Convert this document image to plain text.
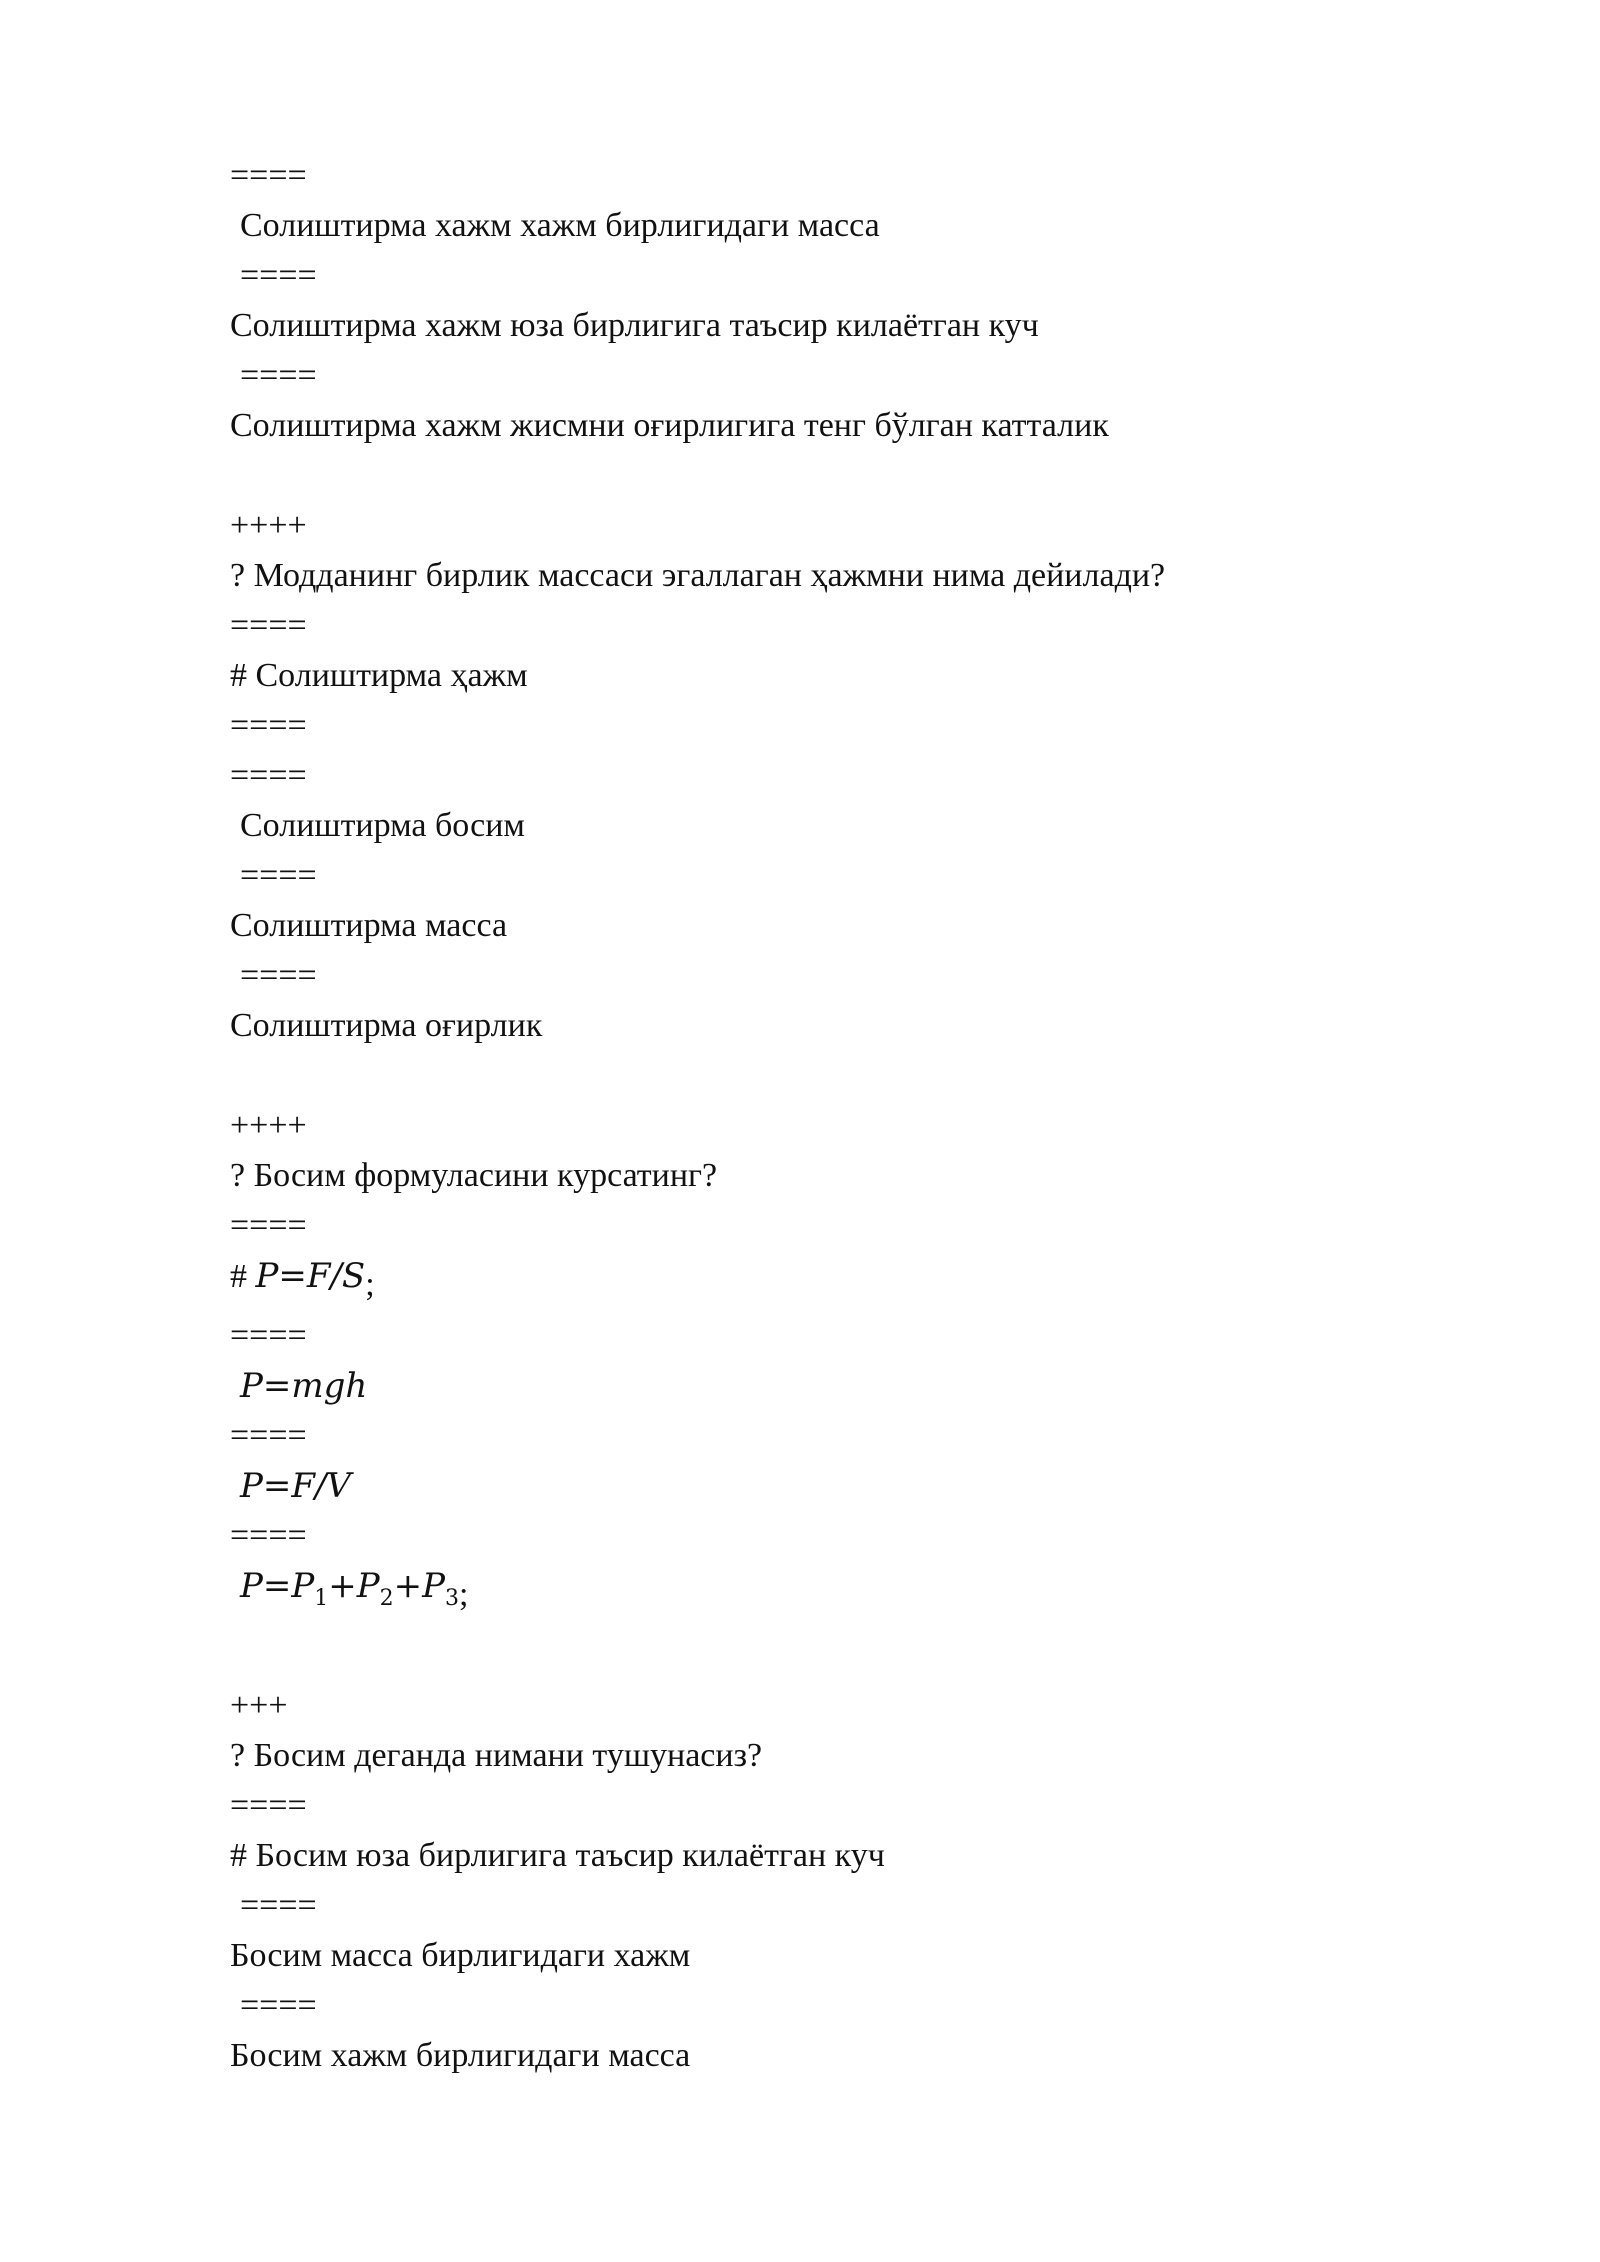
====
Солиштирма хажм хажм бирлигидаги масса
====
Солиштирма хажм юза бирлигига таъсир килаётган куч
====
Солиштирма хажм жисмни оғирлигига тенг бўлган катталик
++++
? Модданинг бирлик массаси эгаллаган ҳажмни нима дейилади?
====
# Солиштирма ҳажм
====
====
Солиштирма босим
====
Солиштирма масса
====
Солиштирма оғирлик
++++
? Босим формуласини курсатинг?
====
# P=F/S;
====
P=mgh
====
P=F/V
====
$P=P_1+P_2+P_3$;
+++
? Босим деганда нимани тушунасиз?
====
# Босим юза бирлигига таъсир килаётган куч
====
Босим масса бирлигидаги хажм
====
Босим хажм бирлигидаги масса
